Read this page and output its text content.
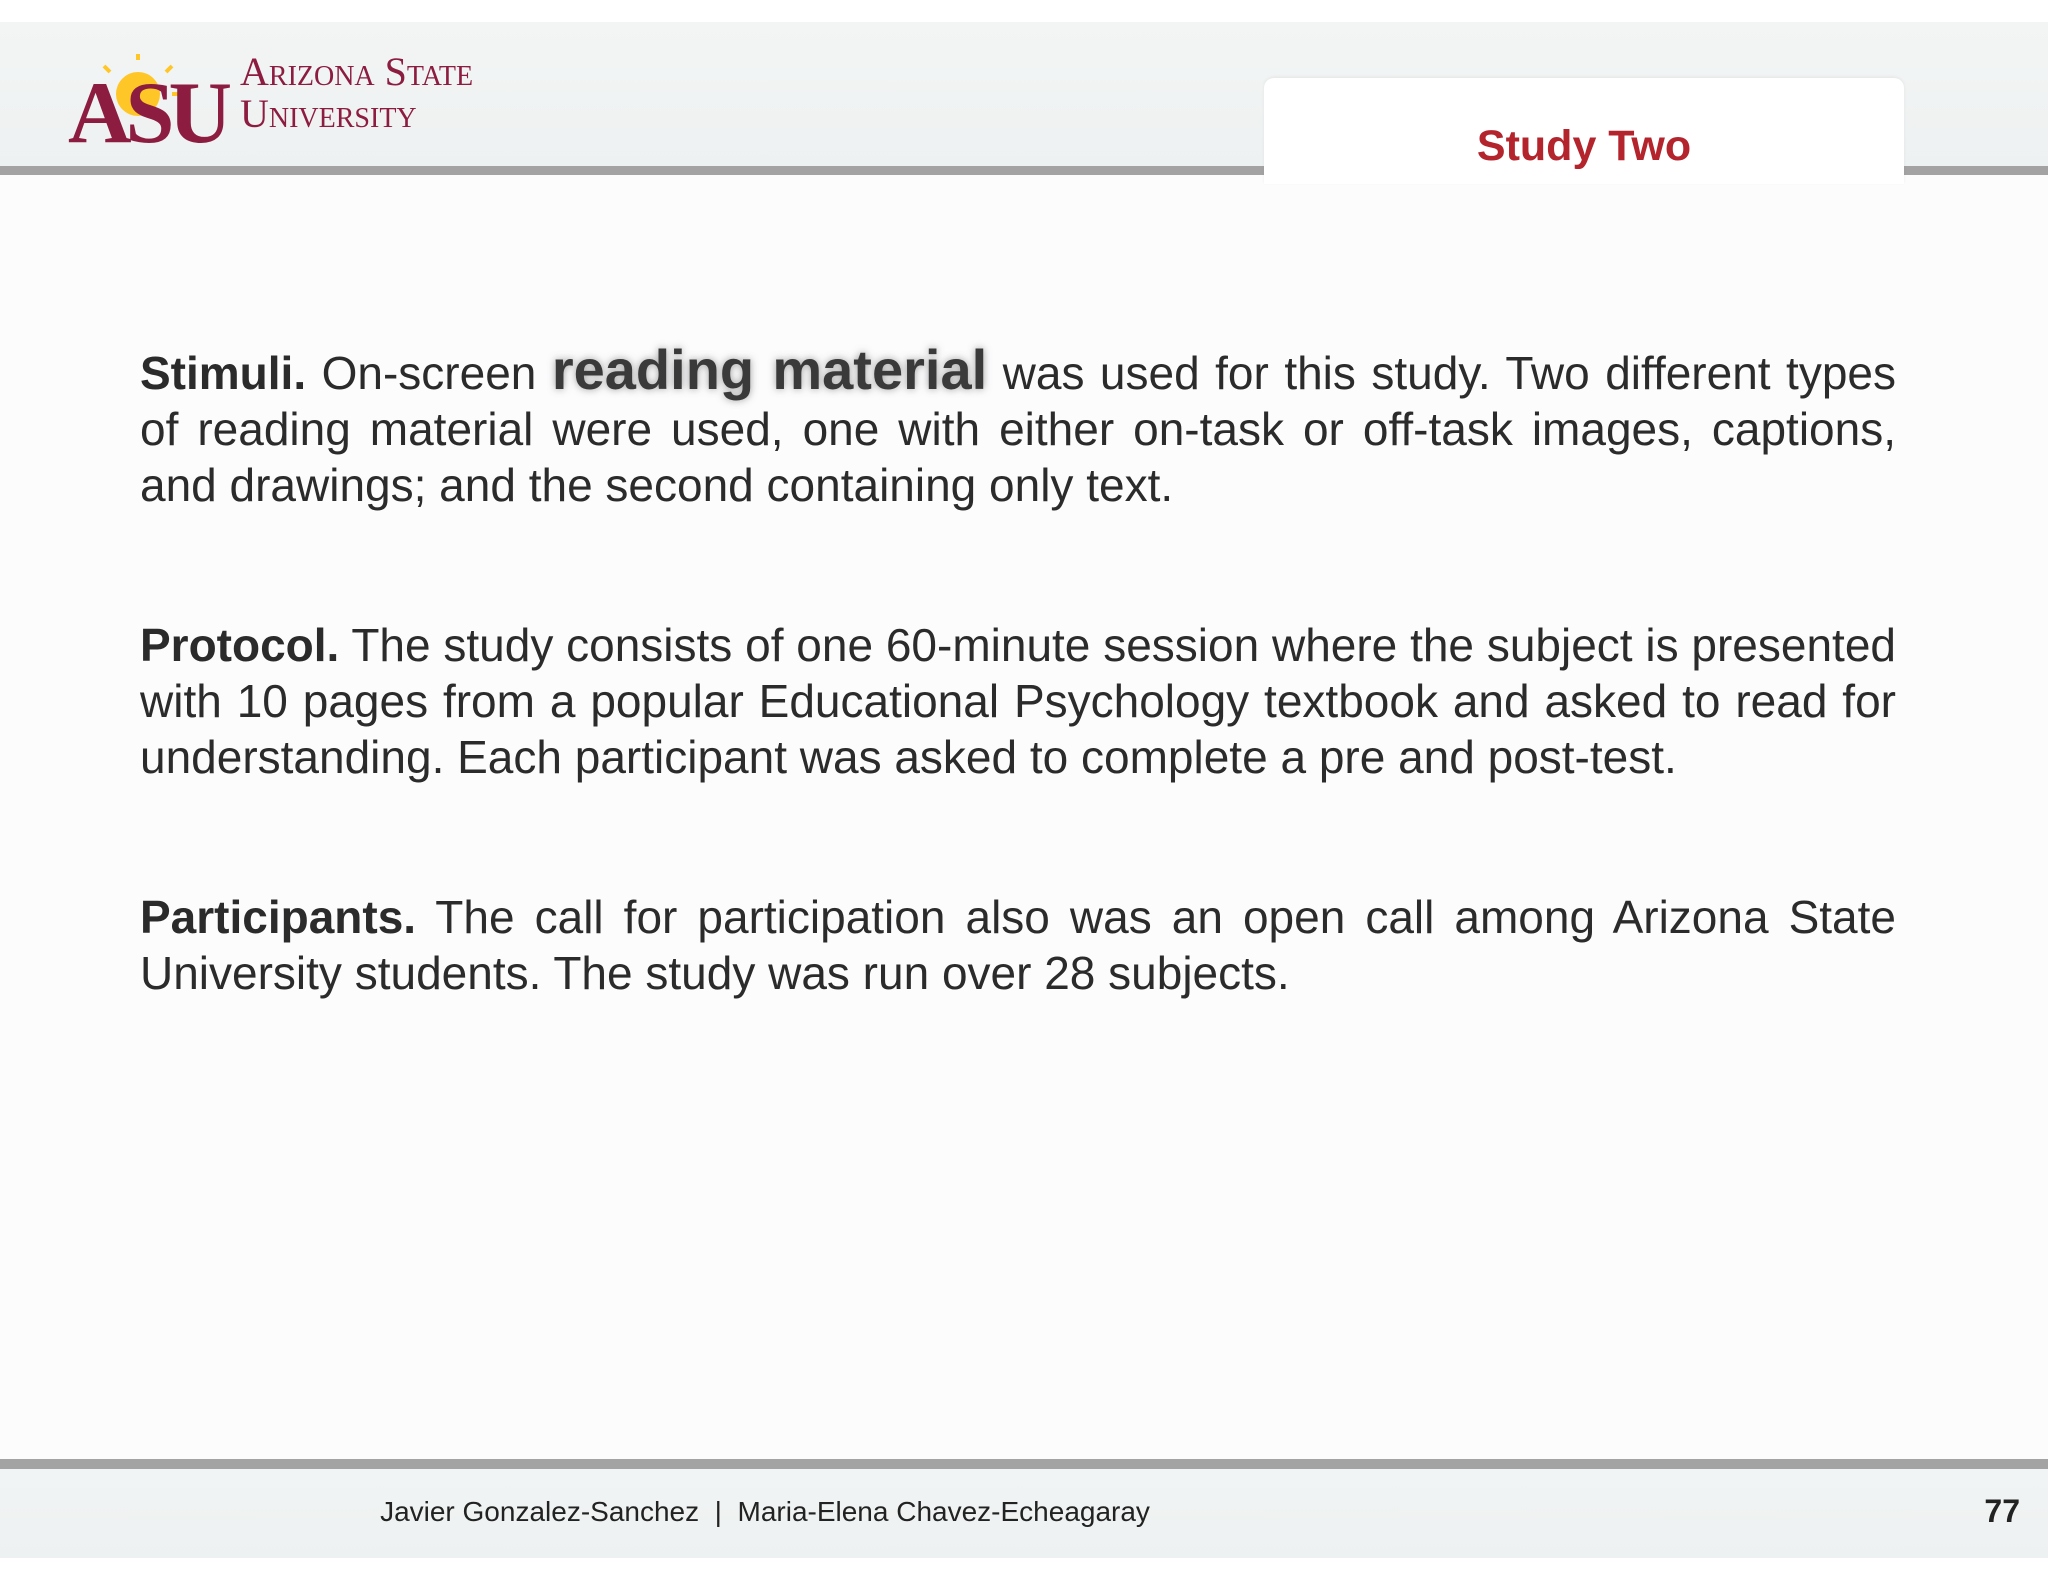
ASU Arizona State
University
Study Two

Stimuli. On-screen reading material was used for this study. Two different types of reading material were used, one with either on-task or off-task images, captions, and drawings; and the second containing only text.

Protocol. The study consists of one 60-minute session where the subject is presented with 10 pages from a popular Educational Psychology textbook and asked to read for understanding. Each participant was asked to complete a pre and post-test.

Participants. The call for participation also was an open call among Arizona State University students. The study was run over 28 subjects.

Javier Gonzalez-Sanchez  |  Maria-Elena Chavez-Echeagaray	77
